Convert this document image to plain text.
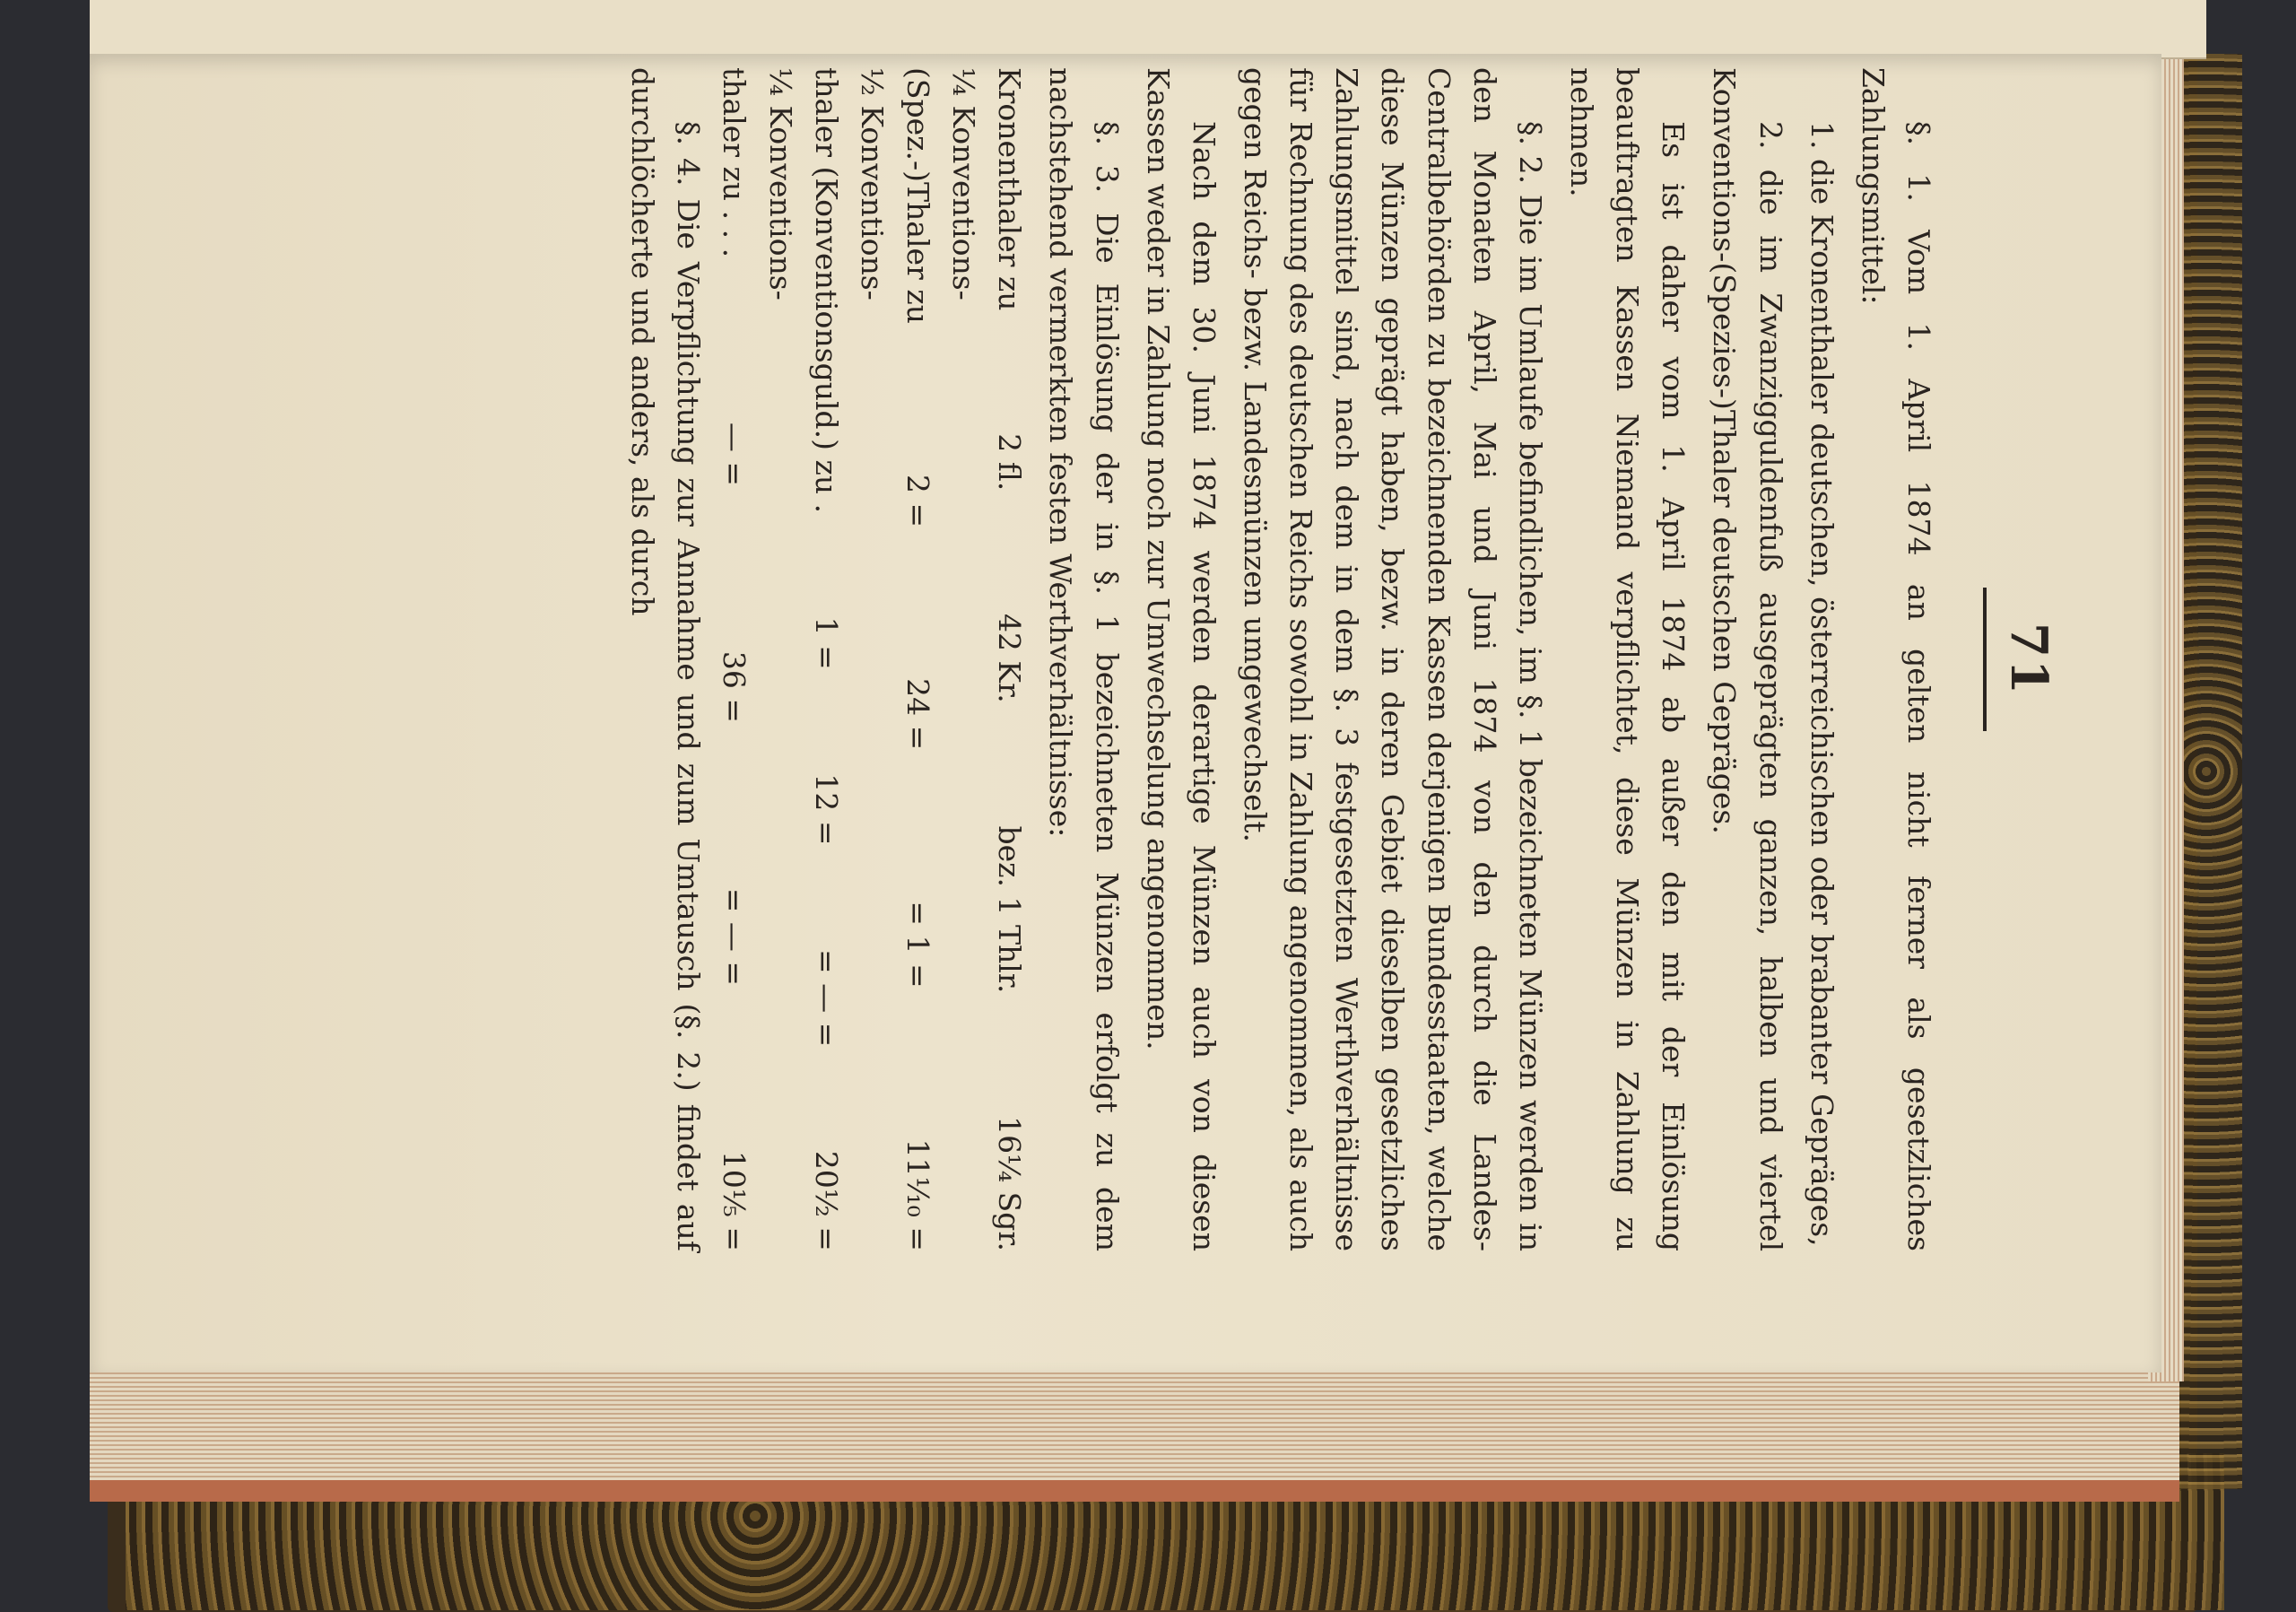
71

§. 1. Vom 1. April 1874 an gelten nicht ferner als gesetzliches Zahlungsmittel:

1. die Kronenthaler deutschen, österreichischen oder brabanter Gepräges,

2. die im Zwanzigguldenfuß ausgeprägten ganzen, halben und viertel Konventions-(Spezies-)Thaler deutschen Gepräges.

Es ist daher vom 1. April 1874 ab außer den mit der Einlösung beauftragten Kassen Niemand verpflichtet, diese Münzen in Zahlung zu nehmen.

§. 2. Die im Umlaufe befindlichen, im §. 1 bezeichneten Münzen werden in den Monaten April, Mai und Juni 1874 von den durch die Landes-Centralbehörden zu bezeichnenden Kassen derjenigen Bundesstaaten, welche diese Münzen geprägt haben, bezw. in deren Gebiet dieselben gesetzliches Zahlungsmittel sind, nach dem in dem §. 3 festgesetzten Werthverhältnisse für Rechnung des deutschen Reichs sowohl in Zahlung angenommen, als auch gegen Reichs- bezw. Landesmünzen umgewechselt.

Nach dem 30. Juni 1874 werden derartige Münzen auch von diesen Kassen weder in Zahlung noch zur Umwechselung angenommen.

§. 3. Die Einlösung der in §. 1 bezeichneten Münzen erfolgt zu dem nachstehend vermerkten festen Werthverhältnisse:

Kronenthaler zu
2 fl.
42 Kr.
bez. 1 Thlr.
16¼ Sgr.
¼ Konventions-
(Spez.-)Thaler zu
2 =
24 =
= 1 =
11¹⁄₁₀ =
½ Konventions-
thaler (Konventionsguld.) zu .
1 =
12 =
= — =
20½ =
¼ Konventions-
thaler zu . . .
— =
36 =
= — =
10⅕ =

§. 4. Die Verpflichtung zur Annahme und zum Umtausch (§. 2.) findet auf durchlöcherte und anders, als durch
